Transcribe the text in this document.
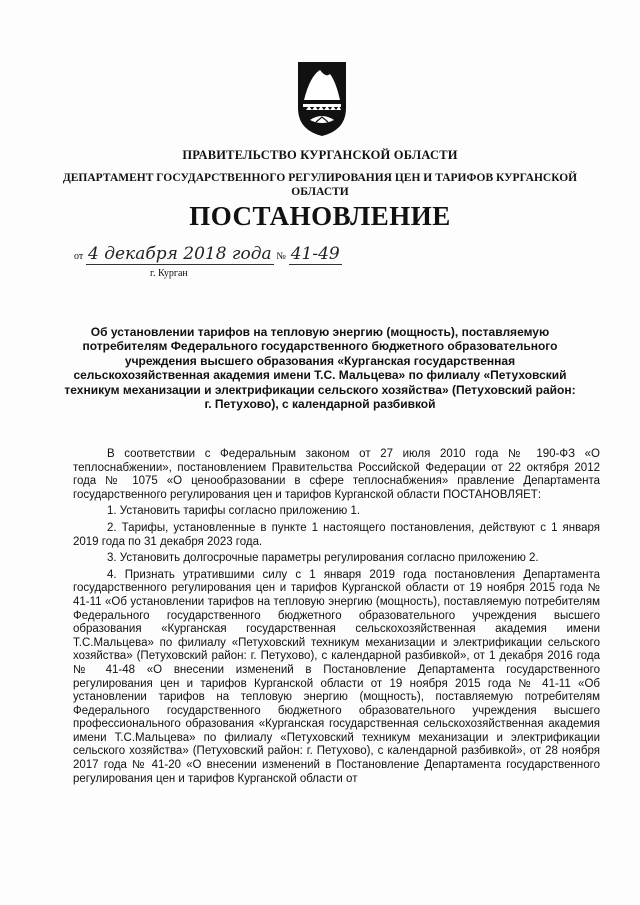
ПРАВИТЕЛЬСТВО КУРГАНСКОЙ ОБЛАСТИ
ДЕПАРТАМЕНТ ГОСУДАРСТВЕННОГО РЕГУЛИРОВАНИЯ ЦЕН И ТАРИФОВ КУРГАНСКОЙ ОБЛАСТИ
ПОСТАНОВЛЕНИЕ
от 4 декабря 2018 года № 41-49
г. Курган
Об установлении тарифов на тепловую энергию (мощность), поставляемую потребителям Федерального государственного бюджетного образовательного учреждения высшего образования «Курганская государственная сельскохозяйственная академия имени Т.С. Мальцева» по филиалу «Петуховский техникум механизации и электрификации сельского хозяйства» (Петуховский район: г. Петухово), с календарной разбивкой

В соответствии с Федеральным законом от 27 июля 2010 года № 190-ФЗ «О теплоснабжении», постановлением Правительства Российской Федерации от 22 октября 2012 года № 1075 «О ценообразовании в сфере теплоснабжения» правление Департамента государственного регулирования цен и тарифов Курганской области ПОСТАНОВЛЯЕТ:

1. Установить тарифы согласно приложению 1.

2. Тарифы, установленные в пункте 1 настоящего постановления, действуют с 1 января 2019 года по 31 декабря 2023 года.

3. Установить долгосрочные параметры регулирования согласно приложению 2.

4. Признать утратившими силу с 1 января 2019 года постановления Департамента государственного регулирования цен и тарифов Курганской области от 19 ноября 2015 года № 41-11 «Об установлении тарифов на тепловую энергию (мощность), поставляемую потребителям Федерального государственного бюджетного образовательного учреждения высшего образования «Курганская государственная сельскохозяйственная академия имени Т.С.Мальцева» по филиалу «Петуховский техникум механизации и электрификации сельского хозяйства» (Петуховский район: г. Петухово), с календарной разбивкой», от 1 декабря 2016 года № 41-48 «О внесении изменений в Постановление Департамента государственного регулирования цен и тарифов Курганской области от 19 ноября 2015 года № 41-11 «Об установлении тарифов на тепловую энергию (мощность), поставляемую потребителям Федерального государственного бюджетного образовательного учреждения высшего профессионального образования «Курганская государственная сельскохозяйственная академия имени Т.С.Мальцева» по филиалу «Петуховский техникум механизации и электрификации сельского хозяйства» (Петуховский район: г. Петухово), с календарной разбивкой», от 28 ноября 2017 года № 41-20 «О внесении изменений в Постановление Департамента государственного регулирования цен и тарифов Курганской области от
